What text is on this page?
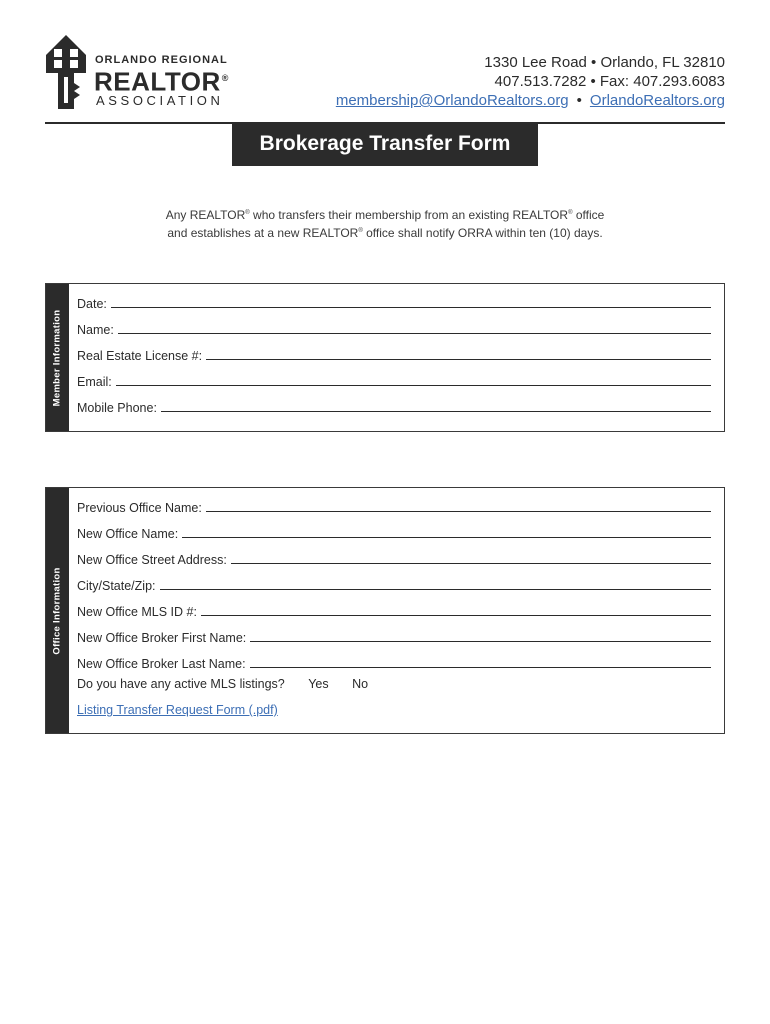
ORLANDO REGIONAL
REALTOR®
ASSOCIATION
1330 Lee Road • Orlando, FL 32810
407.513.7282 • Fax: 407.293.6083
membership@OrlandoRealtors.org • OrlandoRealtors.org
Brokerage Transfer Form
Any REALTOR® who transfers their membership from an existing REALTOR® office
and establishes at a new REALTOR® office shall notify ORRA within ten (10) days.
Member Information
Date:
Name:
Real Estate License #:
Email:
Mobile Phone:
Office Information
Previous Office Name:
New Office Name:
New Office Street Address:
City/State/Zip:
New Office MLS ID #:
New Office Broker First Name:
New Office Broker Last Name:
Do you have any active MLS listings? Yes No
Listing Transfer Request Form (.pdf)
